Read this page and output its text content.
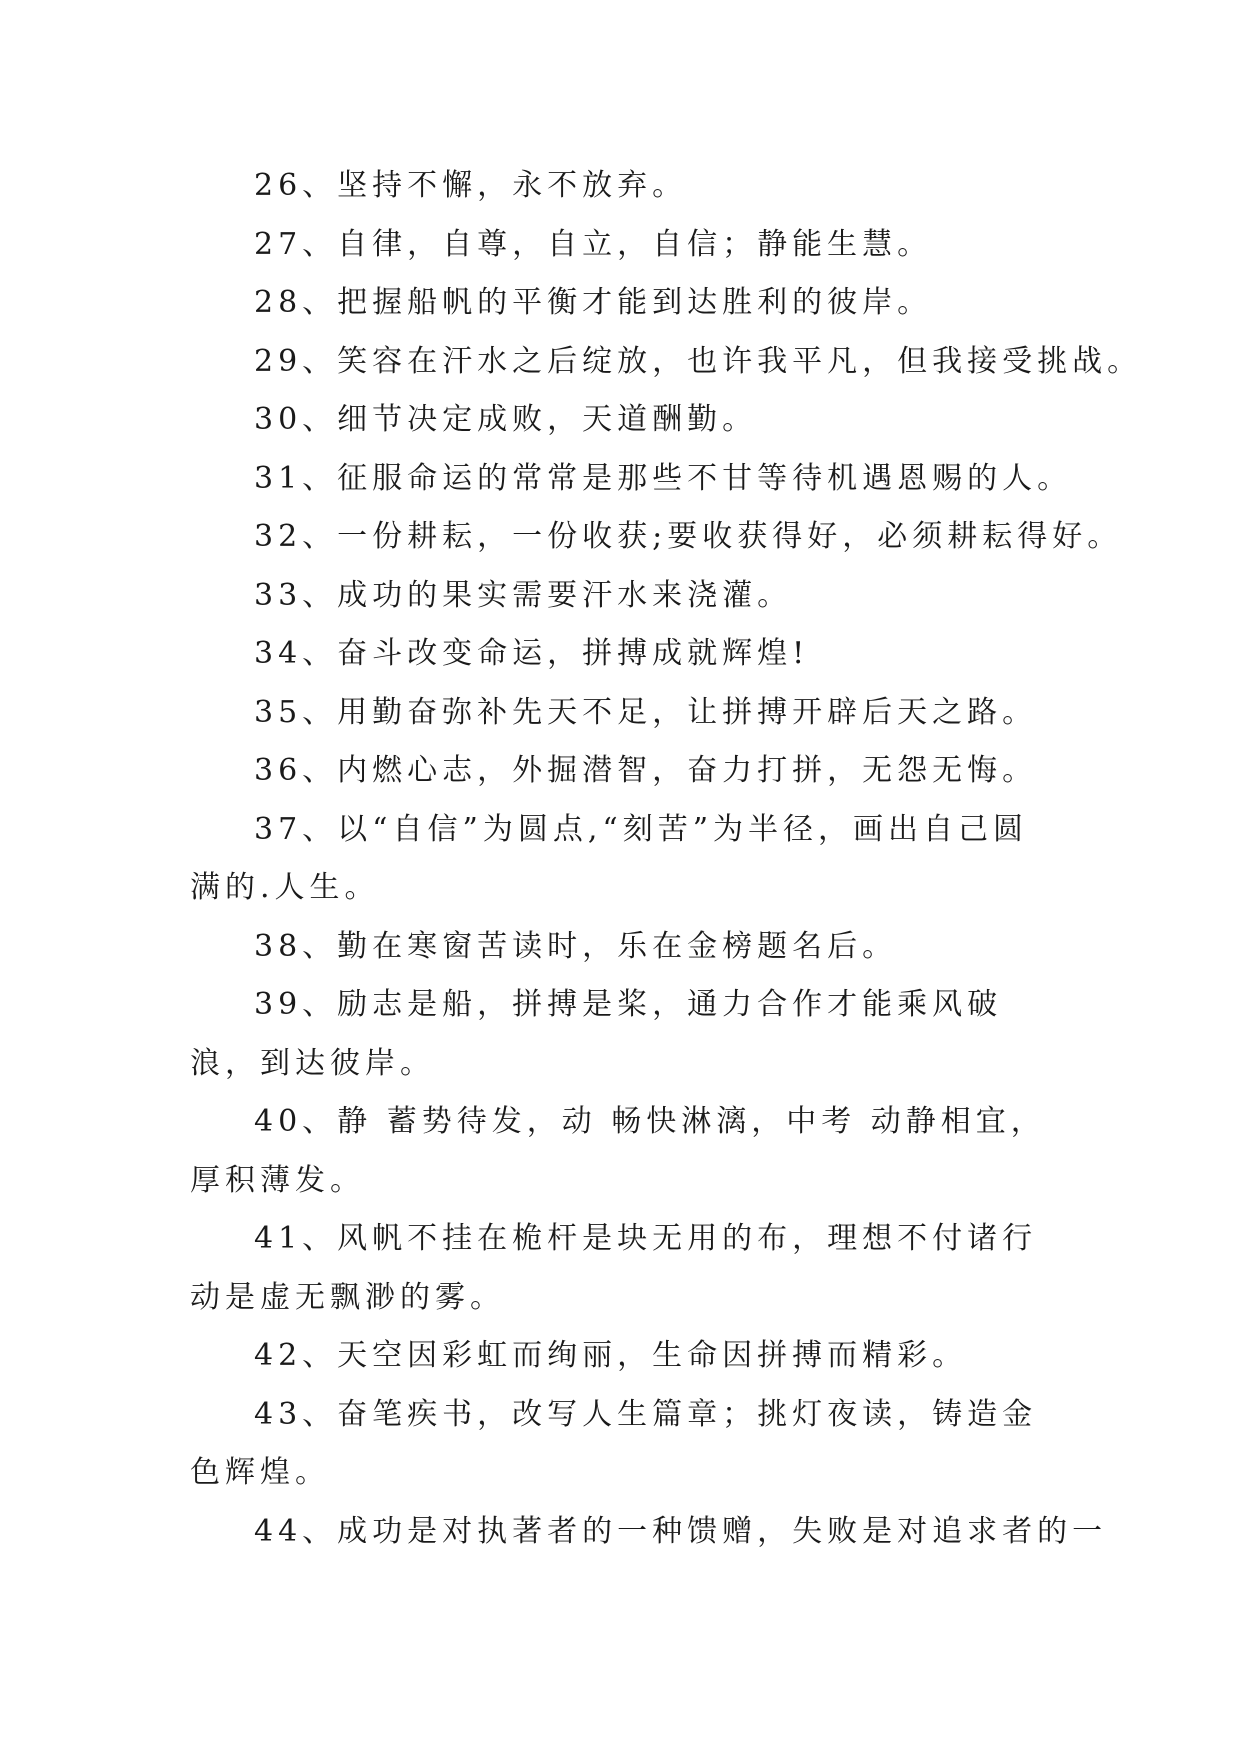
26、坚持不懈，永不放弃。

27、自律，自尊，自立，自信；静能生慧。

28、把握船帆的平衡才能到达胜利的彼岸。

29、笑容在汗水之后绽放，也许我平凡，但我接受挑战。

30、细节决定成败，天道酬勤。

31、征服命运的常常是那些不甘等待机遇恩赐的人。

32、一份耕耘，一份收获;要收获得好，必须耕耘得好。

33、成功的果实需要汗水来浇灌。

34、奋斗改变命运，拼搏成就辉煌!

35、用勤奋弥补先天不足，让拼搏开辟后天之路。

36、内燃心志，外掘潜智，奋力打拼，无怨无悔。

37、以“自信”为圆点,“刻苦”为半径，画出自己圆满的.人生。

38、勤在寒窗苦读时，乐在金榜题名后。

39、励志是船，拼搏是桨，通力合作才能乘风破浪，到达彼岸。

40、静 蓄势待发，动 畅快淋漓，中考 动静相宜，厚积薄发。

41、风帆不挂在桅杆是块无用的布，理想不付诸行动是虚无飘渺的雾。

42、天空因彩虹而绚丽，生命因拼搏而精彩。

43、奋笔疾书，改写人生篇章；挑灯夜读，铸造金色辉煌。

44、成功是对执著者的一种馈赠，失败是对追求者的一
